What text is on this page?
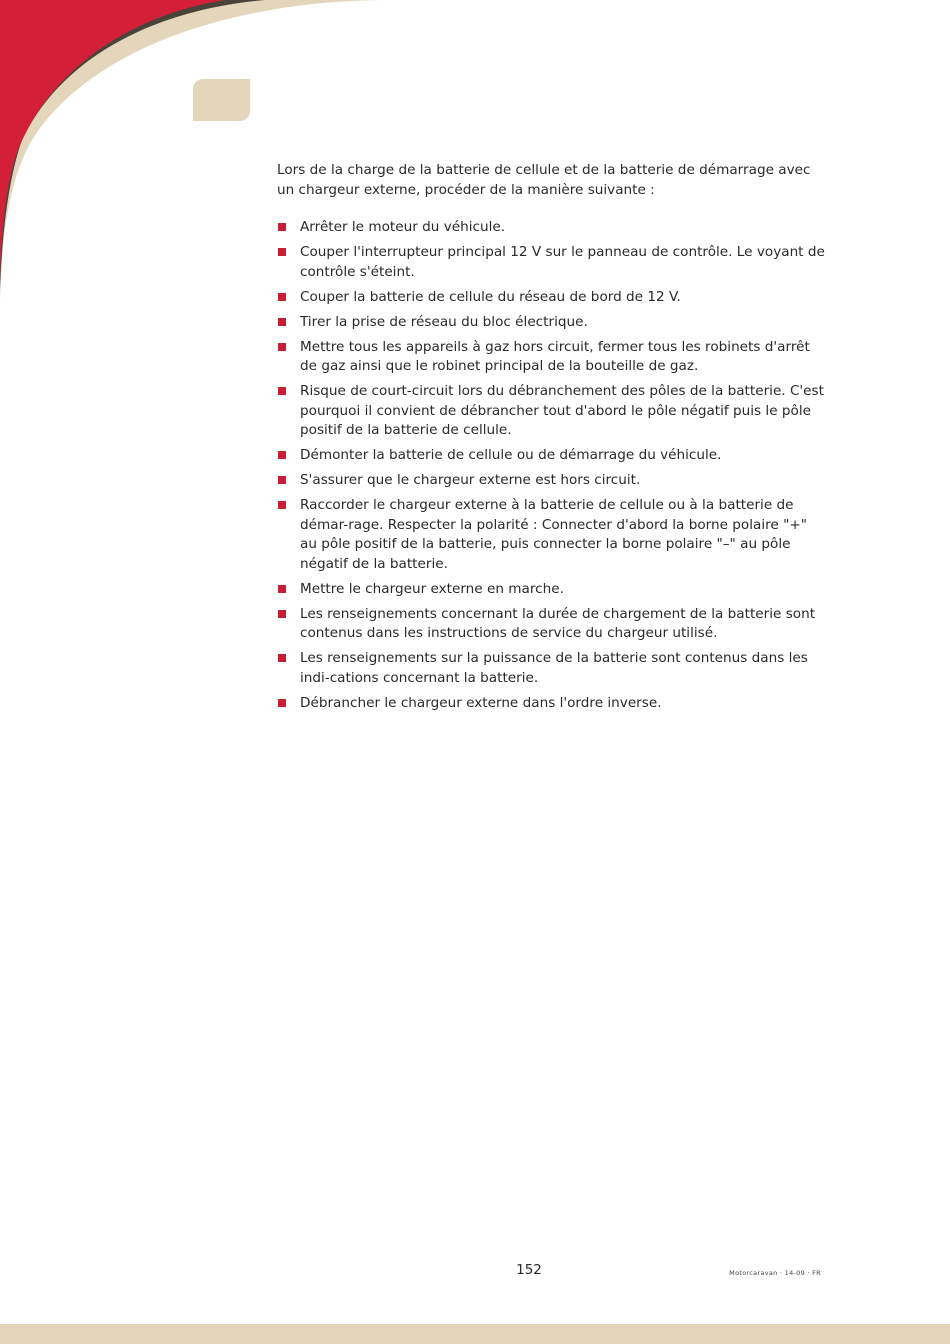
Lors de la charge de la batterie de cellule et de la batterie de démarrage avec un chargeur externe, procéder de la manière suivante :

Arrêter le moteur du véhicule.
Couper l'interrupteur principal 12 V sur le panneau de contrôle. Le voyant de contrôle s'éteint.
Couper la batterie de cellule du réseau de bord de 12 V.
Tirer la prise de réseau du bloc électrique.
Mettre tous les appareils à gaz hors circuit, fermer tous les robinets d'arrêt de gaz ainsi que le robinet principal de la bouteille de gaz.
Risque de court-circuit lors du débranchement des pôles de la batterie. C'est pourquoi il convient de débrancher tout d'abord le pôle négatif puis le pôle positif de la batterie de cellule.
Démonter la batterie de cellule ou de démarrage du véhicule.
S'assurer que le chargeur externe est hors circuit.
Raccorder le chargeur externe à la batterie de cellule ou à la batterie de démar-rage. Respecter la polarité : Connecter d'abord la borne polaire "+" au pôle positif de la batterie, puis connecter la borne polaire "–" au pôle négatif de la batterie.
Mettre le chargeur externe en marche.
Les renseignements concernant la durée de chargement de la batterie sont contenus dans les instructions de service du chargeur utilisé.
Les renseignements sur la puissance de la batterie sont contenus dans les indi-cations concernant la batterie.
Débrancher le chargeur externe dans l'ordre inverse.
152	Motorcaravan · 14-09 · FR
